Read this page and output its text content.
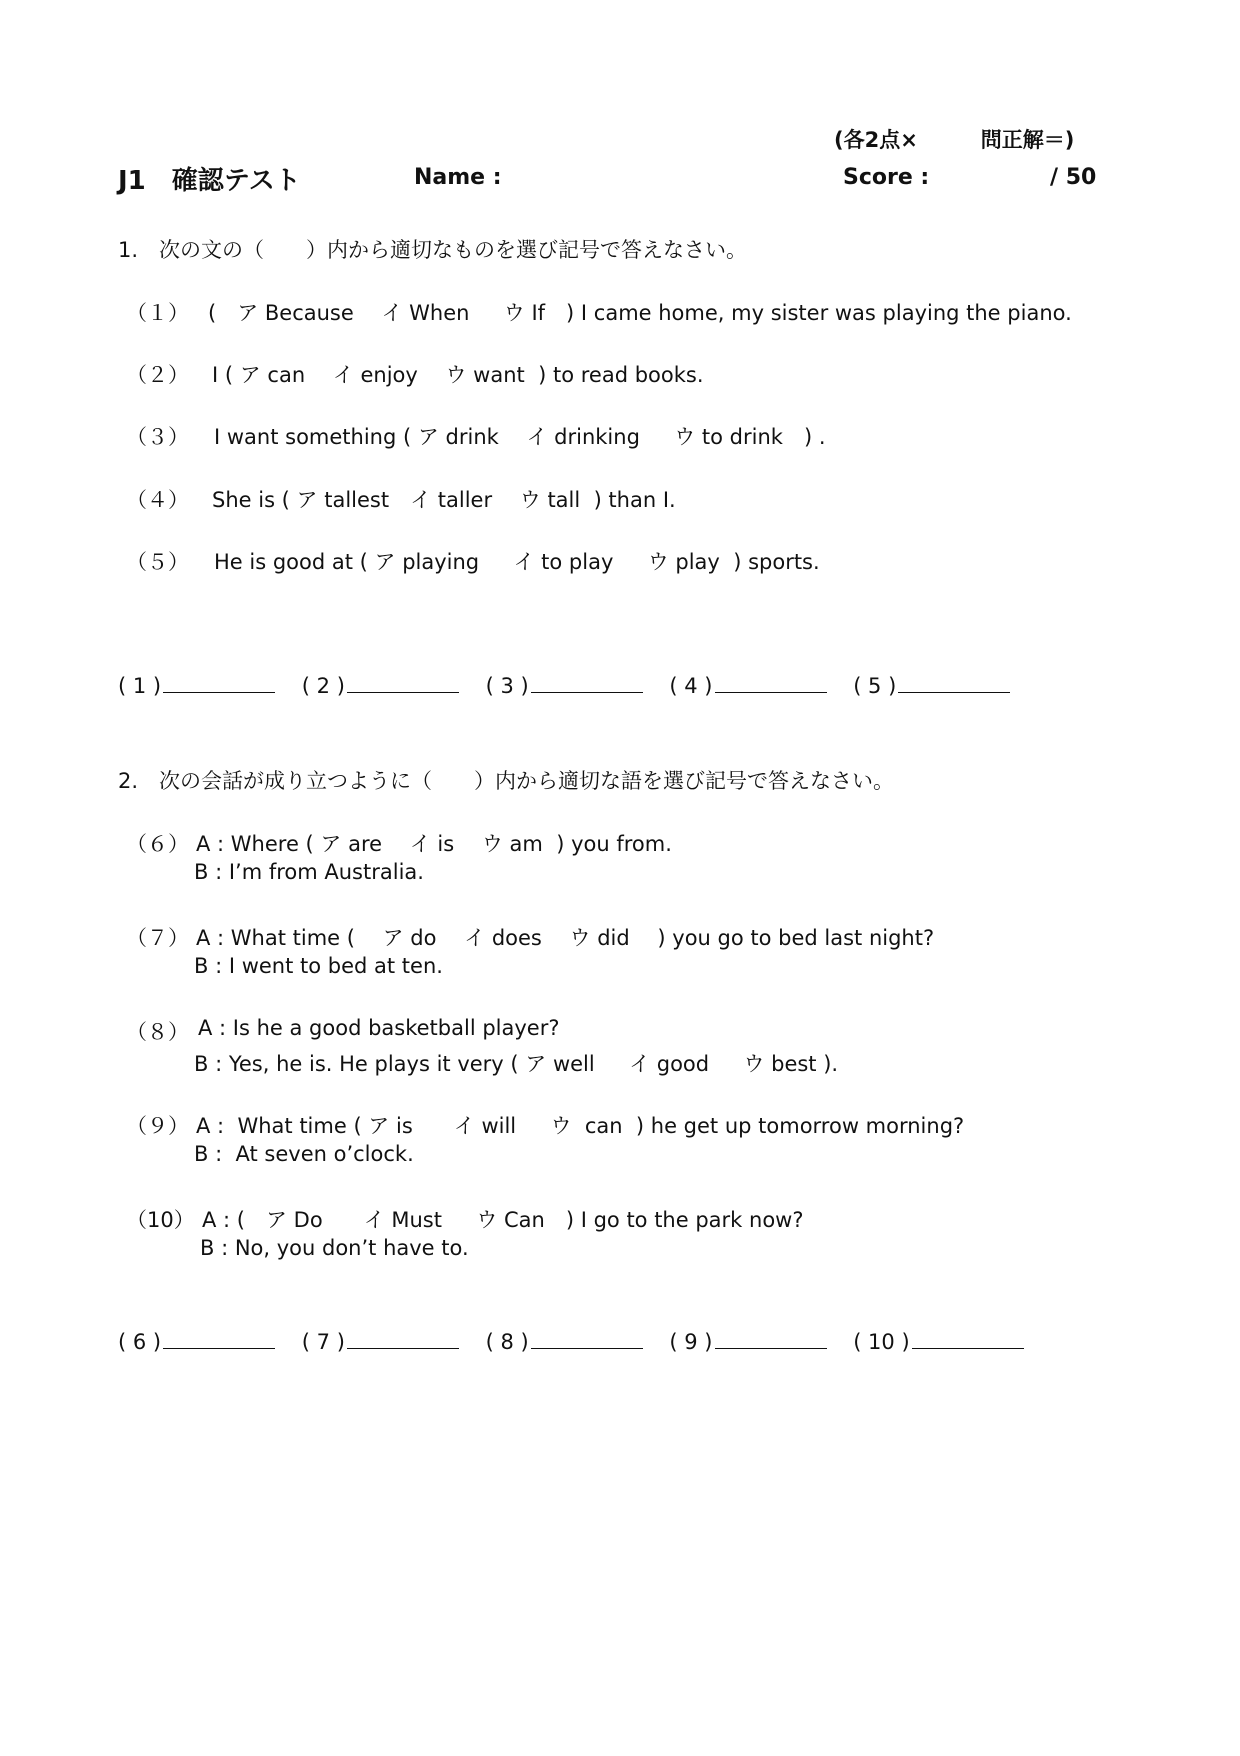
(各2点×　　　問正解＝)
J1　確認テスト	Name :	Score :	/ 50
1.　次の文の（　　）内から適切なものを選び記号で答えなさい。
（１） (　ア Because　 イ When　  ウ If　) I came home, my sister was playing the piano.
（２） I ( ア can　 イ enjoy　 ウ want  ) to read books.
（３） I want something ( ア drink　 イ drinking　  ウ to drink　) .
（４） She is ( ア tallest　イ taller　 ウ tall  ) than I.
（５） He is good at ( ア playing　  イ to play　  ウ play  ) sports.
( 1 )	( 2 )	( 3 )	( 4 )	( 5 )
2.　次の会話が成り立つように（　　）内から適切な語を選び記号で答えなさい。
（６） A : Where ( ア are　 イ is　 ウ am  ) you from.
B : I’m from Australia.
（７） A : What time (　 ア do　 イ does　 ウ did　 ) you go to bed last night?
B : I went to bed at ten.
（８） A : Is he a good basketball player?
B : Yes, he is. He plays it very ( ア well　  イ good　  ウ best ).
（９） A :  What time ( ア is　   イ will　  ウ  can  ) he get up tomorrow morning?
B :  At seven o’clock.
（10） A : (　ア Do　   イ Must　  ウ Can　) I go to the park now?
B : No, you don’t have to.
( 6 )	( 7 )	( 8 )	( 9 )	( 10 )
